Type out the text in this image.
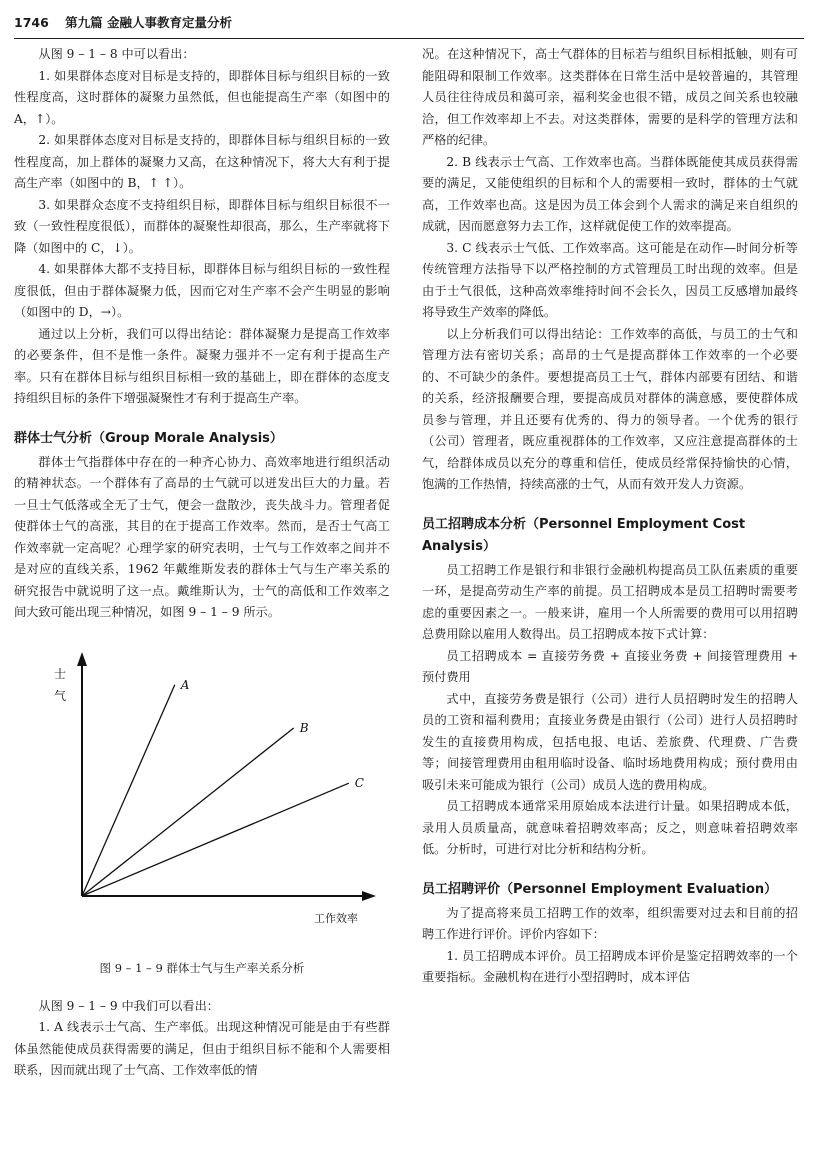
1746 第九篇 金融人事教育定量分析

从图 9 – 1 – 8 中可以看出：

1. 如果群体态度对目标是支持的，即群体目标与组织目标的一致性程度高，这时群体的凝聚力虽然低，但也能提高生产率（如图中的 A，↑）。

2. 如果群体态度对目标是支持的，即群体目标与组织目标的一致性程度高，加上群体的凝聚力又高，在这种情况下，将大大有利于提高生产率（如图中的 B，↑ ↑）。

3. 如果群众态度不支持组织目标，即群体目标与组织目标很不一致（一致性程度很低），而群体的凝聚性却很高，那么，生产率就将下降（如图中的 C，↓）。

4. 如果群体大都不支持目标，即群体目标与组织目标的一致性程度很低，但由于群体凝聚力低，因而它对生产率不会产生明显的影响（如图中的 D，→）。

通过以上分析，我们可以得出结论：群体凝聚力是提高工作效率的必要条件，但不是惟一条件。凝聚力强并不一定有利于提高生产率。只有在群体目标与组织目标相一致的基础上，即在群体的态度支持组织目标的条件下增强凝聚性才有利于提高生产率。

群体士气分析（Group Morale Analysis）

群体士气指群体中存在的一种齐心协力、高效率地进行组织活动的精神状态。一个群体有了高昂的士气就可以迸发出巨大的力量。若一旦士气低落或全无了士气，便会一盘散沙，丧失战斗力。管理者促使群体士气的高涨，其目的在于提高工作效率。然而，是否士气高工作效率就一定高呢？心理学家的研究表明，士气与工作效率之间并不是对应的直线关系，1962 年戴维斯发表的群体士气与生产率关系的研究报告中就说明了这一点。戴维斯认为，士气的高低和工作效率之间大致可能出现三种情况，如图 9 – 1 – 9 所示。

士
气
工作效率
A
B
C
图 9 – 1 – 9 群体士气与生产率关系分析

从图 9 – 1 – 9 中我们可以看出：

1. A 线表示士气高、生产率低。出现这种情况可能是由于有些群体虽然能使成员获得需要的满足，但由于组织目标不能和个人需要相联系，因而就出现了士气高、工作效率低的情

况。在这种情况下，高士气群体的目标若与组织目标相抵触，则有可能阻碍和限制工作效率。这类群体在日常生活中是较普遍的，其管理人员往往待成员和蔼可亲，福利奖金也很不错，成员之间关系也较融洽，但工作效率却上不去。对这类群体，需要的是科学的管理方法和严格的纪律。

2. B 线表示士气高、工作效率也高。当群体既能使其成员获得需要的满足，又能使组织的目标和个人的需要相一致时，群体的士气就高，工作效率也高。这是因为员工体会到个人需求的满足来自组织的成就，因而愿意努力去工作，这样就促使工作的效率提高。

3. C 线表示士气低、工作效率高。这可能是在动作—时间分析等传统管理方法指导下以严格控制的方式管理员工时出现的效率。但是由于士气很低，这种高效率维持时间不会长久，因员工反感增加最终将导致生产效率的降低。

以上分析我们可以得出结论：工作效率的高低，与员工的士气和管理方法有密切关系；高昂的士气是提高群体工作效率的一个必要的、不可缺少的条件。要想提高员工士气，群体内部要有团结、和谐的关系，经济报酬要合理，要提高成员对群体的满意感，要使群体成员参与管理，并且还要有优秀的、得力的领导者。一个优秀的银行（公司）管理者，既应重视群体的工作效率，又应注意提高群体的士气，给群体成员以充分的尊重和信任，使成员经常保持愉快的心情，饱满的工作热情，持续高涨的士气，从而有效开发人力资源。

员工招聘成本分析（Personnel Employment Cost Analysis）

员工招聘工作是银行和非银行金融机构提高员工队伍素质的重要一环，是提高劳动生产率的前提。员工招聘成本是员工招聘时需要考虑的重要因素之一。一般来讲，雇用一个人所需要的费用可以用招聘总费用除以雇用人数得出。员工招聘成本按下式计算：

员工招聘成本 = 直接劳务费 + 直接业务费 + 间接管理费用 + 预付费用

式中，直接劳务费是银行（公司）进行人员招聘时发生的招聘人员的工资和福利费用；直接业务费是由银行（公司）进行人员招聘时发生的直接费用构成，包括电报、电话、差旅费、代理费、广告费等；间接管理费用由租用临时设备、临时场地费用构成；预付费用由吸引未来可能成为银行（公司）成员人选的费用构成。

员工招聘成本通常采用原始成本法进行计量。如果招聘成本低，录用人员质量高，就意味着招聘效率高；反之，则意味着招聘效率低。分析时，可进行对比分析和结构分析。

员工招聘评价（Personnel Employment Evaluation）

为了提高将来员工招聘工作的效率，组织需要对过去和目前的招聘工作进行评价。评价内容如下：

1. 员工招聘成本评价。员工招聘成本评价是鉴定招聘效率的一个重要指标。金融机构在进行小型招聘时，成本评估
